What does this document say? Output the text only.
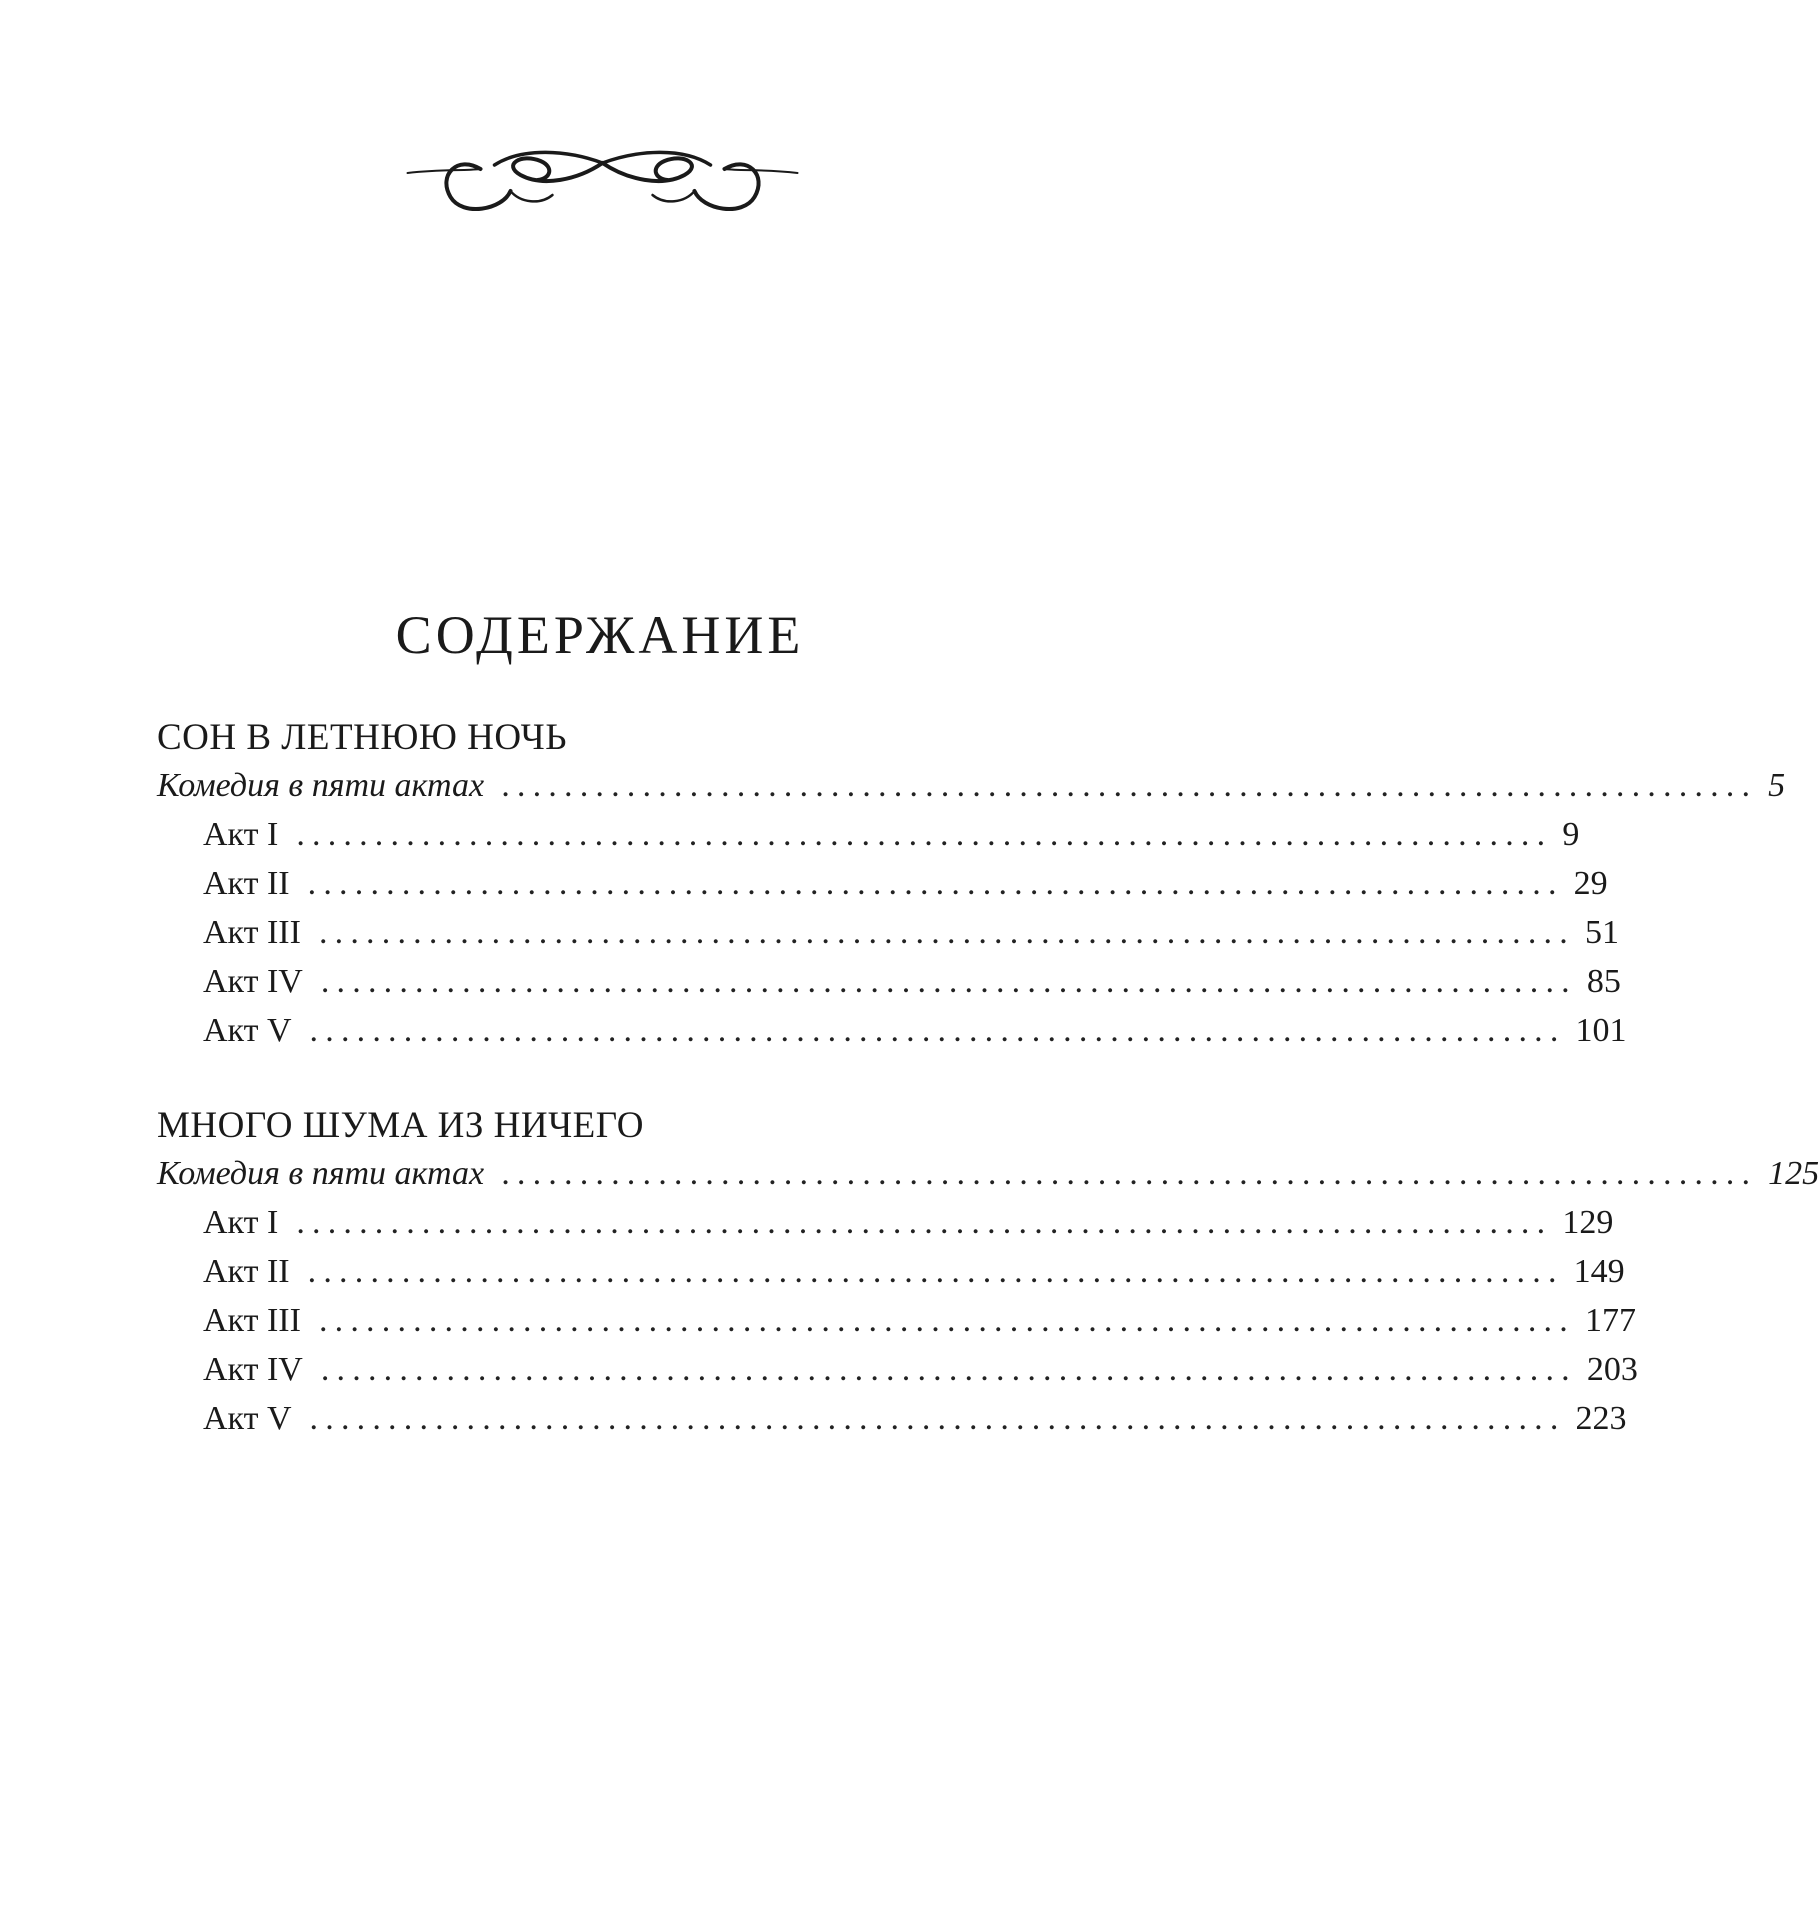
СОДЕРЖАНИЕ
СОН В ЛЕТНЮЮ НОЧЬ
Комедия в пяти актах ................................................................................ 5
Акт I ................................................................................ 9
Акт II ................................................................................ 29
Акт III ................................................................................ 51
Акт IV ................................................................................ 85
Акт V ................................................................................ 101
МНОГО ШУМА ИЗ НИЧЕГО
Комедия в пяти актах ................................................................................ 125
Акт I ................................................................................ 129
Акт II ................................................................................ 149
Акт III ................................................................................ 177
Акт IV ................................................................................ 203
Акт V ................................................................................ 223
